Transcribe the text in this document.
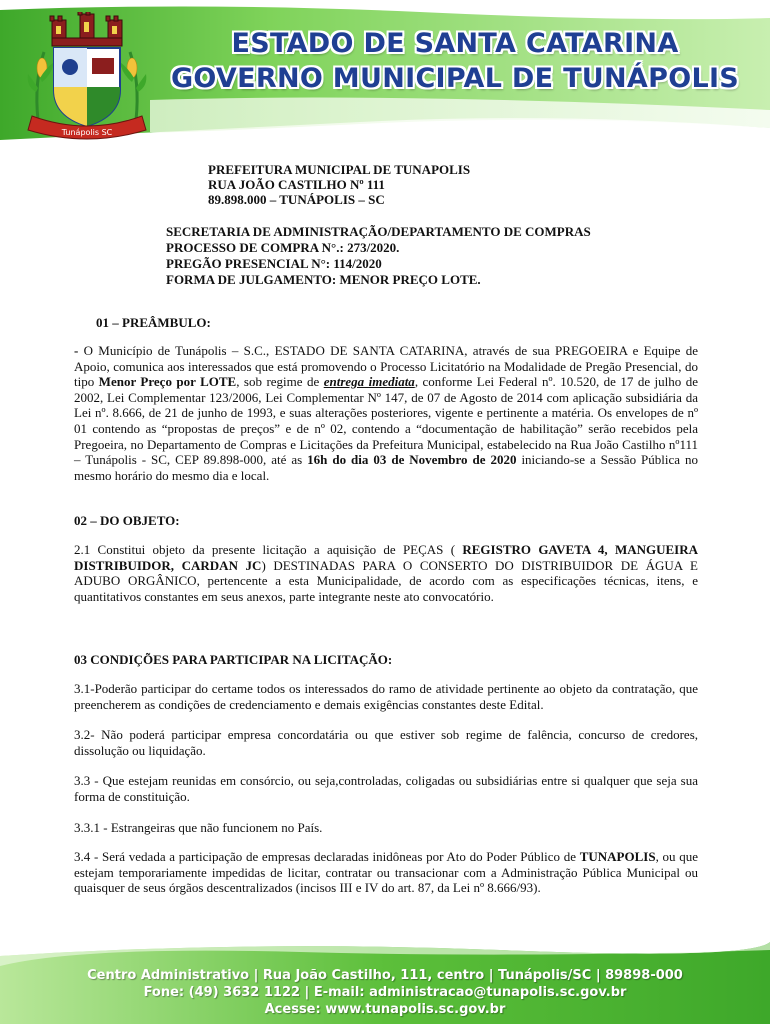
Tunápolis SC
ESTADO DE SANTA CATARINA
GOVERNO MUNICIPAL DE TUNÁPOLIS
PREFEITURA MUNICIPAL DE TUNAPOLIS
RUA JOÃO CASTILHO Nº 111
89.898.000 – TUNÁPOLIS – SC
SECRETARIA DE ADMINISTRAÇÃO/DEPARTAMENTO DE COMPRAS
PROCESSO DE COMPRA N°.: 273/2020.
PREGÃO PRESENCIAL N°: 114/2020
FORMA DE JULGAMENTO: MENOR PREÇO LOTE.
01 – PREÂMBULO:

- O Município de Tunápolis – S.C., ESTADO DE SANTA CATARINA, através de sua PREGOEIRA e Equipe de Apoio, comunica aos interessados que está promovendo o Processo Licitatório na Modalidade de Pregão Presencial, do tipo Menor Preço por LOTE, sob regime de entrega imediata, conforme Lei Federal nº. 10.520, de 17 de julho de 2002, Lei Complementar 123/2006, Lei Complementar Nº 147, de 07 de Agosto de 2014 com aplicação subsidiária da Lei nº. 8.666, de 21 de junho de 1993, e suas alterações posteriores, vigente e pertinente a matéria. Os envelopes de nº 01 contendo as “propostas de preços” e de nº 02, contendo a “documentação de habilitação” serão recebidos pela Pregoeira, no Departamento de Compras e Licitações da Prefeitura Municipal, estabelecido na Rua João Castilho nº111 – Tunápolis - SC, CEP 89.898-000, até as 16h do dia 03 de Novembro de 2020 iniciando-se a Sessão Pública no mesmo horário do mesmo dia e local.

02 – DO OBJETO:

2.1 Constitui objeto da presente licitação a aquisição de PEÇAS ( REGISTRO GAVETA 4, MANGUEIRA DISTRIBUIDOR, CARDAN JC) DESTINADAS PARA O CONSERTO DO DISTRIBUIDOR DE ÁGUA E ADUBO ORGÂNICO, pertencente a esta Municipalidade, de acordo com as especificações técnicas, itens, e quantitativos constantes em seus anexos, parte integrante neste ato convocatório.

03 CONDIÇÕES PARA PARTICIPAR NA LICITAÇÃO:

3.1-Poderão participar do certame todos os interessados do ramo de atividade pertinente ao objeto da contratação, que preencherem as condições de credenciamento e demais exigências constantes deste Edital.

3.2- Não poderá participar empresa concordatária ou que estiver sob regime de falência, concurso de credores, dissolução ou liquidação.

3.3 - Que estejam reunidas em consórcio, ou seja,controladas, coligadas ou subsidiárias entre si qualquer que seja sua forma de constituição.

3.3.1 - Estrangeiras que não funcionem no País.

3.4 - Será vedada a participação de empresas declaradas inidôneas por Ato do Poder Público de TUNAPOLIS, ou que estejam temporariamente impedidas de licitar, contratar ou transacionar com a Administração Pública Municipal ou quaisquer de seus órgãos descentralizados (incisos III e IV do art. 87, da Lei nº 8.666/93).

Centro Administrativo | Rua João Castilho, 111, centro | Tunápolis/SC | 89898-000
Fone: (49) 3632 1122 | E-mail: administracao@tunapolis.sc.gov.br
Acesse: www.tunapolis.sc.gov.br
